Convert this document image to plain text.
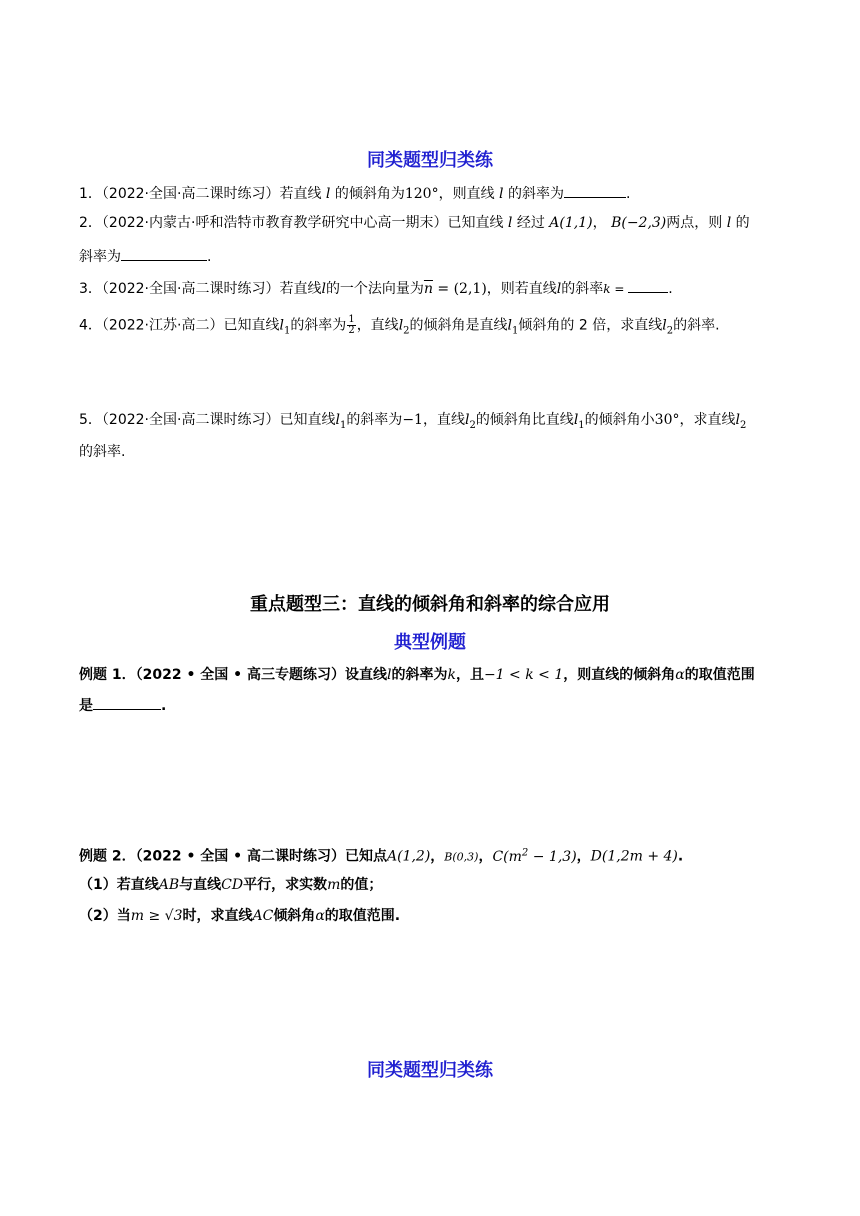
同类题型归类练
1．（2022·全国·高二课时练习）若直线 l 的倾斜角为120°，则直线 l 的斜率为	.
2．（2022·内蒙古·呼和浩特市教育教学研究中心高一期末）已知直线 l 经过 A(1,1)， B(−2,3)两点，则 l 的
斜率为	.
3．（2022·全国·高二课时练习）若直线l的一个法向量为$\overline{n} = (2,1)$，则若直线l的斜率k =	.
4．（2022·江苏·高二）已知直线$l_1$的斜率为 $\frac{1}{2}$ ，直线$l_2$的倾斜角是直线$l_1$倾斜角的 2 倍，求直线$l_2$的斜率.
5．（2022·全国·高二课时练习）已知直线$l_1$的斜率为−1，直线$l_2$的倾斜角比直线$l_1$的倾斜角小30°，求直线$l_2$
的斜率.
重点题型三：直线的倾斜角和斜率的综合应用
典型例题
例题 1．（2022 • 全国 • 高三专题练习）设直线l的斜率为k，且−1 < k < 1，则直线的倾斜角α的取值范围
是	.
例题 2．（2022 • 全国 • 高二课时练习）已知点A(1,2)，B(0,3)，$C(m^2 - 1,3)$，D(1,2m + 4).
（1）若直线AB与直线CD平行，求实数m的值；
（2）当m ≥ √3时，求直线AC倾斜角α的取值范围.
同类题型归类练
